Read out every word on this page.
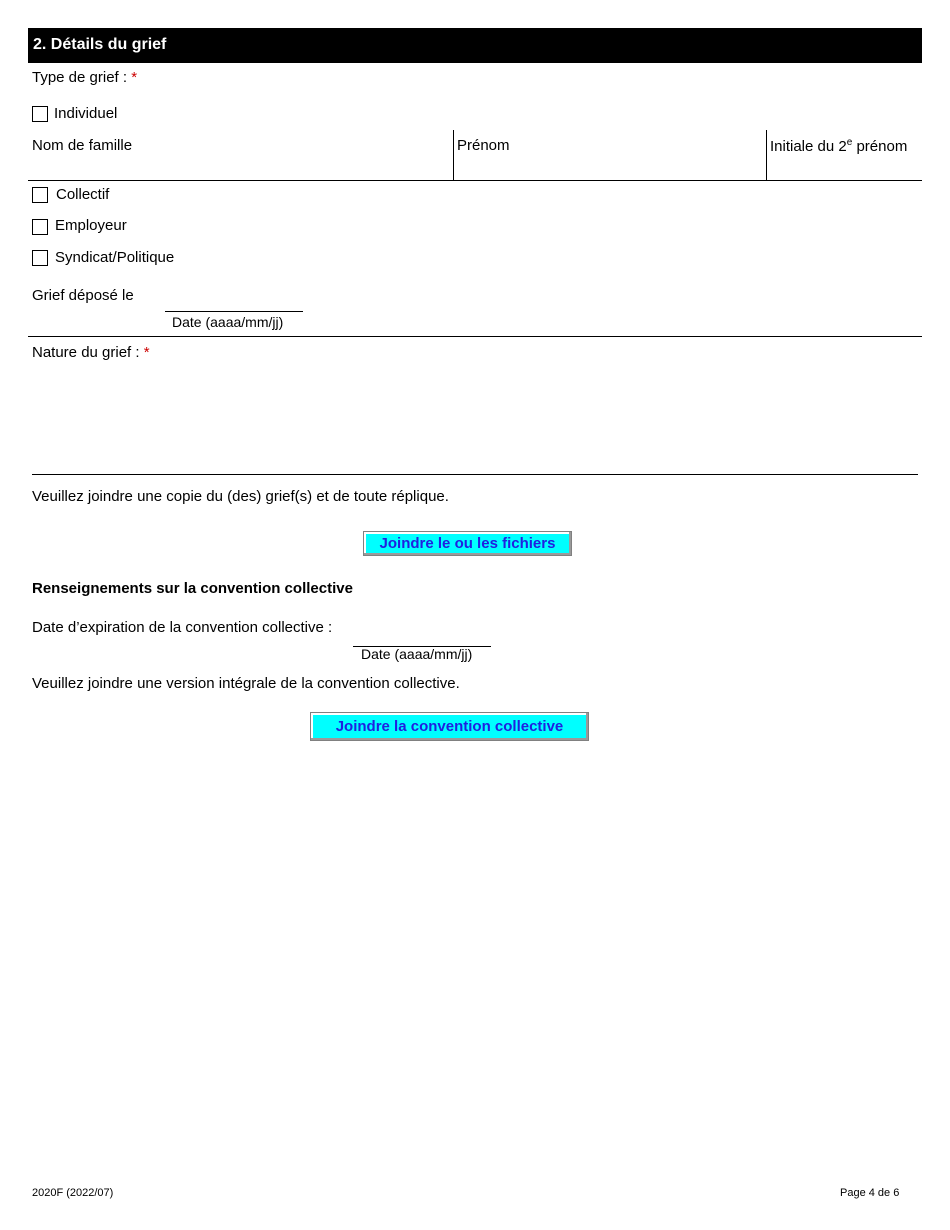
2. Détails du grief
Type de grief : *
Individuel
Nom de famille	Prénom	Initiale du 2e prénom
Collectif
Employeur
Syndicat/Politique
Grief déposé le
Date (aaaa/mm/jj)
Nature du grief : *
Veuillez joindre une copie du (des) grief(s) et de toute réplique.
Joindre le ou les fichiers
Renseignements sur la convention collective
Date d’expiration de la convention collective :
Date (aaaa/mm/jj)
Veuillez joindre une version intégrale de la convention collective.
Joindre la convention collective
2020F (2022/07)	Page 4 de 6
